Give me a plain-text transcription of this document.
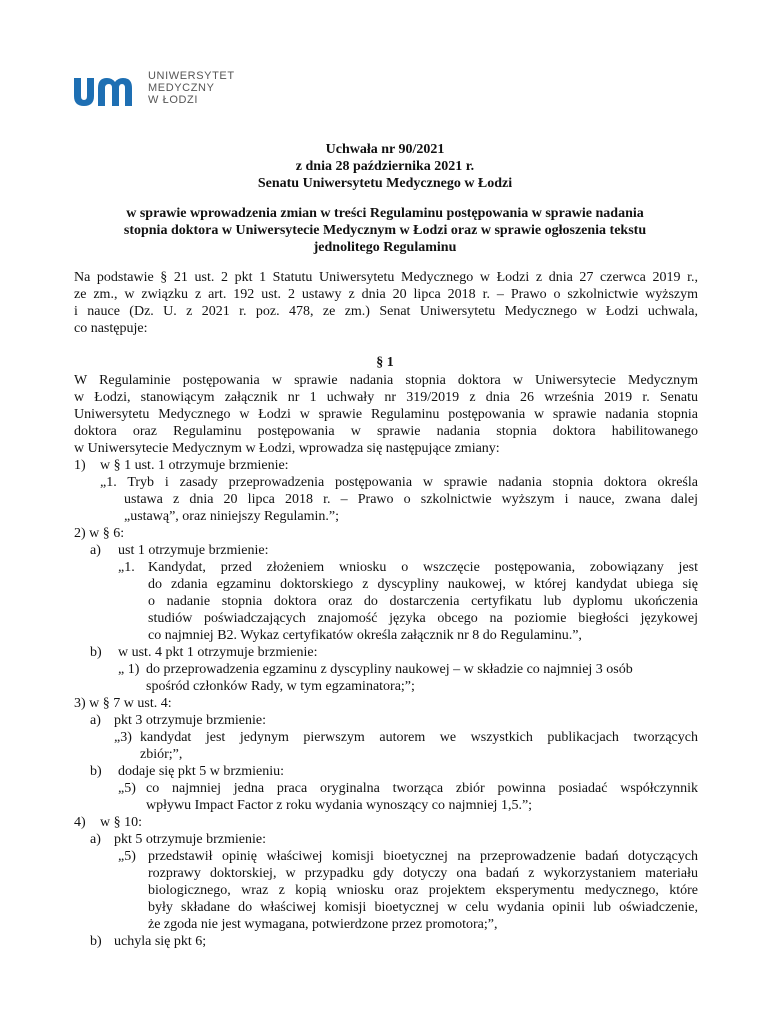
UNIWERSYTET
MEDYCZNY
W ŁODZI
Uchwała nr 90/2021
z dnia 28 października 2021 r.
Senatu Uniwersytetu Medycznego w Łodzi
w sprawie wprowadzenia zmian w treści Regulaminu postępowania w sprawie nadania
stopnia doktora w Uniwersytecie Medycznym w Łodzi oraz w sprawie ogłoszenia tekstu
jednolitego Regulaminu
Na podstawie § 21 ust. 2 pkt 1 Statutu Uniwersytetu Medycznego w Łodzi z dnia 27 czerwca 2019 r.,
ze zm., w związku z art. 192 ust. 2 ustawy z dnia 20 lipca 2018 r. – Prawo o szkolnictwie wyższym
i nauce (Dz. U. z 2021 r. poz. 478, ze zm.) Senat Uniwersytetu Medycznego w Łodzi uchwala,
co następuje:
§ 1
W Regulaminie postępowania w sprawie nadania stopnia doktora w Uniwersytecie Medycznym
w Łodzi, stanowiącym załącznik nr 1 uchwały nr 319/2019 z dnia 26 września 2019 r. Senatu
Uniwersytetu Medycznego w Łodzi w sprawie Regulaminu postępowania w sprawie nadania stopnia
doktora oraz Regulaminu postępowania w sprawie nadania stopnia doktora habilitowanego
w Uniwersytecie Medycznym w Łodzi, wprowadza się następujące zmiany:
1) w § 1 ust. 1 otrzymuje brzmienie:
„1. Tryb i zasady przeprowadzenia postępowania w sprawie nadania stopnia doktora określa
ustawa z dnia 20 lipca 2018 r. – Prawo o szkolnictwie wyższym i nauce, zwana dalej
„ustawą”, oraz niniejszy Regulamin.”;
2) w § 6:
a) ust 1 otrzymuje brzmienie:
„1. Kandydat, przed złożeniem wniosku o wszczęcie postępowania, zobowiązany jest
do zdania egzaminu doktorskiego z dyscypliny naukowej, w której kandydat ubiega się
o nadanie stopnia doktora oraz do dostarczenia certyfikatu lub dyplomu ukończenia
studiów poświadczających znajomość języka obcego na poziomie biegłości językowej
co najmniej B2. Wykaz certyfikatów określa załącznik nr 8 do Regulaminu.”,
b) w ust. 4 pkt 1 otrzymuje brzmienie:
„ 1) do przeprowadzenia egzaminu z dyscypliny naukowej – w składzie co najmniej 3 osób
spośród członków Rady, w tym egzaminatora;”;
3) w § 7 w ust. 4:
a) pkt 3 otrzymuje brzmienie:
„3) kandydat jest jedynym pierwszym autorem we wszystkich publikacjach tworzących
zbiór;”,
b) dodaje się pkt 5 w brzmieniu:
„5) co najmniej jedna praca oryginalna tworząca zbiór powinna posiadać współczynnik
wpływu Impact Factor z roku wydania wynoszący co najmniej 1,5.”;
4) w § 10:
a) pkt 5 otrzymuje brzmienie:
„5) przedstawił opinię właściwej komisji bioetycznej na przeprowadzenie badań dotyczących
rozprawy doktorskiej, w przypadku gdy dotyczy ona badań z wykorzystaniem materiału
biologicznego, wraz z kopią wniosku oraz projektem eksperymentu medycznego, które
były składane do właściwej komisji bioetycznej w celu wydania opinii lub oświadczenie,
że zgoda nie jest wymagana, potwierdzone przez promotora;”,
b) uchyla się pkt 6;
